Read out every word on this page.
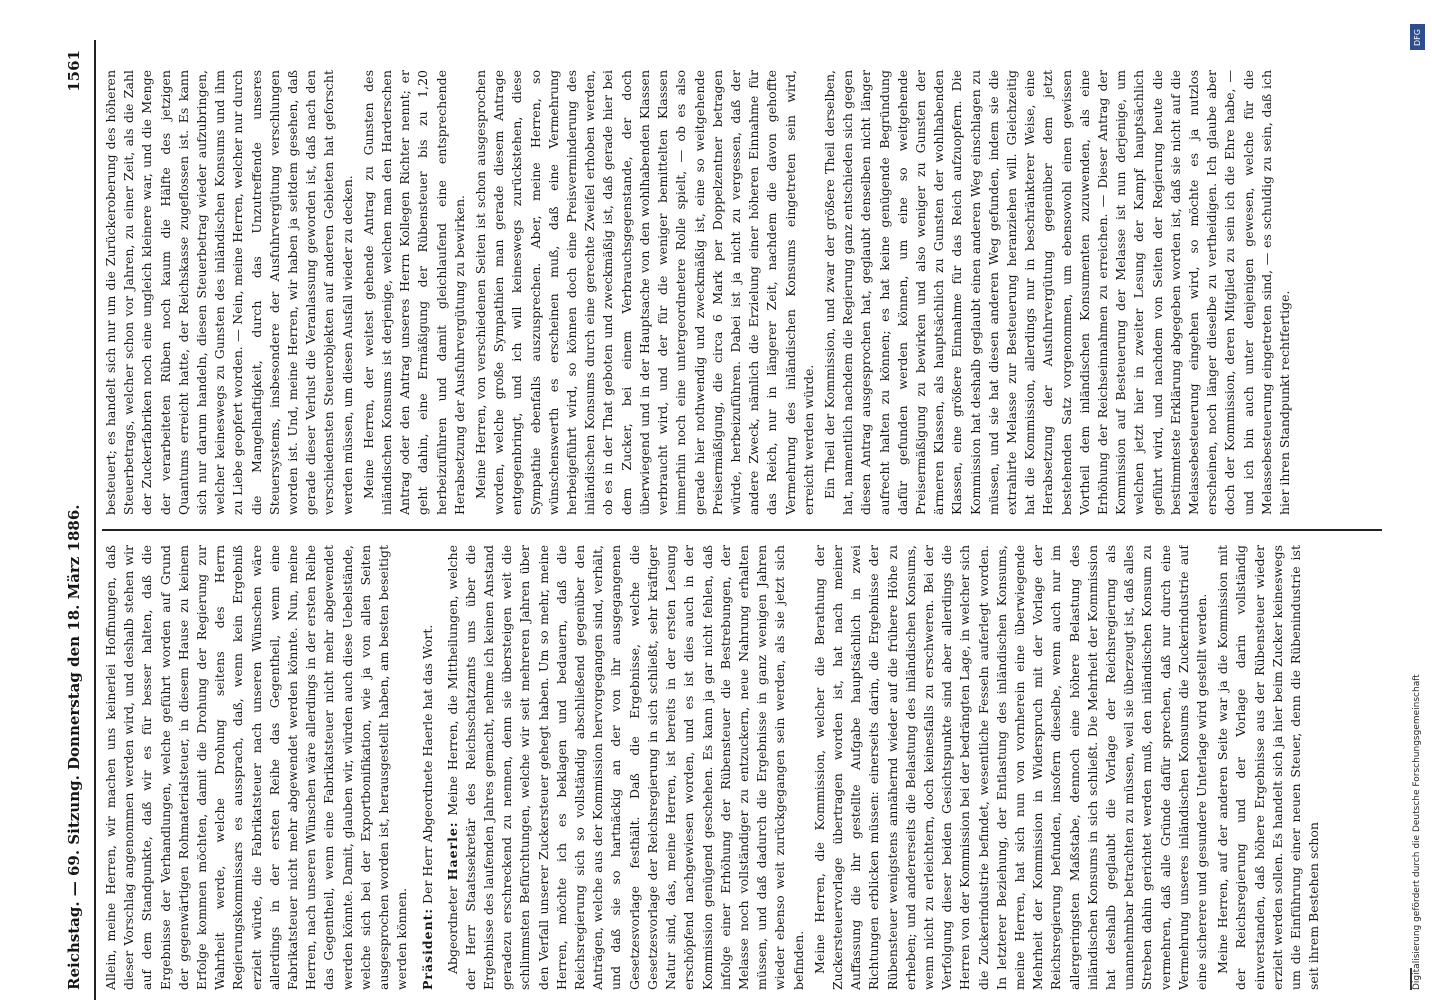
Reichstag. — 69. Sitzung. Donnerstag den 18. März 1886.
1561

Allein, meine Herren, wir machen uns keinerlei Hoffnungen, daß dieser Vorschlag angenommen werden wird, und deshalb stehen wir auf dem Standpunkte, daß wir es für besser halten, daß die Ergebnisse der Verhandlungen, welche geführt worden auf Grund der gegenwärtigen Rohmaterialsteuer, in diesem Hause zu keinem Erfolge kommen möchten, damit die Drohung der Regierung zur Wahrheit werde, welche Drohung seitens des Herrn Regierungskommissars es aussprach, daß, wenn kein Ergebniß erzielt würde, die Fabrikatsteuer nach unseren Wünschen wäre allerdings in der ersten Reihe das Gegentheil, wenn eine Fabrikatsteuer nicht mehr abgewendet werden könnte. Nun, meine Herren, nach unseren Wünschen wäre allerdings in der ersten Reihe das Gegentheil, wenn eine Fabrikatsteuer nicht mehr abgewendet werden könnte. Damit, glauben wir, würden auch diese Uebelstände, welche sich bei der Exportbonifikation, wie ja von allen Seiten ausgesprochen worden ist, herausgestellt haben, am besten beseitigt werden können. Präsident: Der Herr Abgeordnete Haerle hat das Wort.

Abgeordneter Haerle: Meine Herren, die Mittheilungen, welche der Herr Staatssekretär des Reichsschatzamts uns über die Ergebnisse des laufenden Jahres gemacht, nehme ich keinen Anstand geradezu erschreckend zu nennen, denn sie übersteigen weit die schlimmsten Befürchtungen, welche wir seit mehreren Jahren über den Verfall unserer Zuckersteuer gehegt haben. Um so mehr, meine Herren, möchte ich es beklagen und bedauern, daß die Reichsregierung sich so vollständig abschließend gegenüber den Anträgen, welche aus der Kommission hervorgegangen sind, verhält, und daß sie so hartnäckig an der von ihr ausgegangenen Gesetzesvorlage festhält. Daß die Ergebnisse, welche die Gesetzesvorlage der Reichsregierung in sich schließt, sehr kräftiger Natur sind, das, meine Herren, ist bereits in der ersten Lesung erschöpfend nachgewiesen worden, und es ist dies auch in der Kommission genügend geschehen. Es kann ja gar nicht fehlen, daß infolge einer Erhöhung der Rübensteuer die Bestrebungen, der Melasse noch vollständiger zu entzuckern, neue Nahrung erhalten müssen, und daß dadurch die Ergebnisse in ganz wenigen Jahren wieder ebenso weit zurückgegangen sein werden, als sie jetzt sich befinden. Meine Herren, die Kommission, welcher die Berathung der Zuckersteuervorlage übertragen worden ist, hat nach meiner Auffassung die ihr gestellte Aufgabe hauptsächlich in zwei Richtungen erblicken müssen: einerseits darin, die Ergebnisse der Rübensteuer wenigstens annähernd wieder auf die frühere Höhe zu erheben; und andererseits die Belastung des inländischen Konsums, wenn nicht zu erleichtern, doch keinesfalls zu erschweren. Bei der Verfolgung dieser beiden Gesichtspunkte sind aber allerdings die Herren von der Kommission bei der bedrängten Lage, in welcher sich die Zuckerindustrie befindet, wesentliche Fesseln auferlegt worden. In letzterer Beziehung, der Entlastung des inländischen Konsums, meine Herren, hat sich nun von vornherein eine überwiegende Mehrheit der Kommission in Widerspruch mit der Vorlage der Reichsregierung befunden, insofern dieselbe, wenn auch nur im allergeringsten Maßstabe, dennoch eine höhere Belastung des inländischen Konsums in sich schließt. Die Mehrheit der Kommission hat deshalb geglaubt die Vorlage der Reichsregierung als unannehmbar betrachten zu müssen, weil sie überzeugt ist, daß alles Streben dahin gerichtet werden muß, den inländischen Konsum zu vermehren, daß alle Gründe dafür sprechen, daß nur durch eine Vermehrung unseres inländischen Konsums die Zuckerindustrie auf eine sicherere und gesundere Unterlage wird gestellt werden. Meine Herren, auf der anderen Seite war ja die Kommission mit der Reichsregierung und der Vorlage darin vollständig einverstanden, daß höhere Ergebnisse aus der Rübensteuer wieder erzielt werden sollen. Es handelt sich ja hier beim Zucker keineswegs um die Einführung einer neuen Steuer, denn die Rübenindustrie ist seit ihrem Bestehen schon

besteuert; es handelt sich nur um die Zurückeroberung des höheren Steuerbetrags, welcher schon vor Jahren, zu einer Zeit, als die Zahl der Zuckerfabriken noch eine ungleich kleinere war, und die Menge der verarbeiteten Rüben noch kaum die Hälfte des jetzigen Quantums erreicht hatte, der Reichskasse zugeflossen ist. Es kann sich nur darum handeln, diesen Steuerbetrag wieder aufzubringen, welcher keineswegs zu Gunsten des inländischen Konsums und ihm zu Liebe geopfert worden. — Nein, meine Herren, welcher nur durch die Mangelhaftigkeit, durch das Unzutreffende unseres Steuersystems, insbesondere der Ausfuhrvergütung verschlungen worden ist. Und, meine Herren, wir haben ja seitdem gesehen, daß gerade dieser Verlust die Veranlassung geworden ist, daß nach den verschiedensten Steuerobjekten auf anderen Gebieten hat geforscht werden müssen, um diesen Ausfall wieder zu decken. Meine Herren, der weitest gehende Antrag zu Gunsten des inländischen Konsums ist derjenige, welchen man den Harderschen Antrag oder den Antrag unseres Herrn Kollegen Richter nennt; er geht dahin, eine Ermäßigung der Rübensteuer bis zu 1,20 herbeizuführen und damit gleichlaufend eine entsprechende Herabsetzung der Ausfuhrvergütung zu bewirken. Meine Herren, von verschiedenen Seiten ist schon ausgesprochen worden, welche große Sympathien man gerade diesem Antrage entgegenbringt, und ich will keineswegs zurückstehen, diese Sympathie ebenfalls auszusprechen. Aber, meine Herren, so wünschenswerth es erscheinen muß, daß eine Vermehrung herbeigeführt wird, so können doch eine Preisverminderung des inländischen Konsums durch eine gerechte Zweifel erhoben werden, ob es in der That geboten und zweckmäßig ist, daß gerade hier bei dem Zucker, bei einem Verbrauchsgegenstande, der doch überwiegend und in der Hauptsache von den wohlhabenden Klassen verbraucht wird, und der für die weniger bemittelten Klassen immerhin noch eine untergeordnetere Rolle spielt, — ob es also gerade hier nothwendig und zweckmäßig ist, eine so weitgehende Preisermäßigung, die circa 6 Mark per Doppelzentner betragen würde, herbeizuführen. Dabei ist ja nicht zu vergessen, daß der andere Zweck, nämlich die Erzielung einer höheren Einnahme für das Reich, nur in längerer Zeit, nachdem die davon gehoffte Vermehrung des inländischen Konsums eingetreten sein wird, erreicht werden würde. Ein Theil der Kommission, und zwar der größere Theil derselben, hat, namentlich nachdem die Regierung ganz entschieden sich gegen diesen Antrag ausgesprochen hat, geglaubt denselben nicht länger aufrecht halten zu können; es hat keine genügende Begründung dafür gefunden werden können, um eine so weitgehende Preisermäßigung zu bewirken und also weniger zu Gunsten der ärmeren Klassen, als hauptsächlich zu Gunsten der wohlhabenden Klassen, eine größere Einnahme für das Reich aufzuopfern. Die Kommission hat deshalb geglaubt einen anderen Weg einschlagen zu müssen, und sie hat diesen anderen Weg gefunden, indem sie die extrahirte Melasse zur Besteuerung heranziehen will. Gleichzeitig hat die Kommission, allerdings nur in beschränkterer Weise, eine Herabsetzung der Ausfuhrvergütung gegenüber dem jetzt bestehenden Satz vorgenommen, um ebensowohl einen gewissen Vortheil dem inländischen Konsumenten zuzuwenden, als eine Erhöhung der Reichseinnahmen zu erreichen. — Dieser Antrag der Kommission auf Besteuerung der Melasse ist nun derjenige, um welchen jetzt hier in zweiter Lesung der Kampf hauptsächlich geführt wird, und nachdem von Seiten der Regierung heute die bestimmteste Erklärung abgegeben worden ist, daß sie nicht auf die Melassebesteuerung eingehen wird, so möchte es ja nutzlos erscheinen, noch länger dieselbe zu vertheidigen. Ich glaube aber doch der Kommission, deren Mitglied zu sein ich die Ehre habe, — und ich bin auch unter denjenigen gewesen, welche für die Melassebesteuerung eingetreten sind, — es schuldig zu sein, daß ich hier ihren Standpunkt rechtfertige.

DFG
Digitalisierung gefördert durch die Deutsche Forschungsgemeinschaft
